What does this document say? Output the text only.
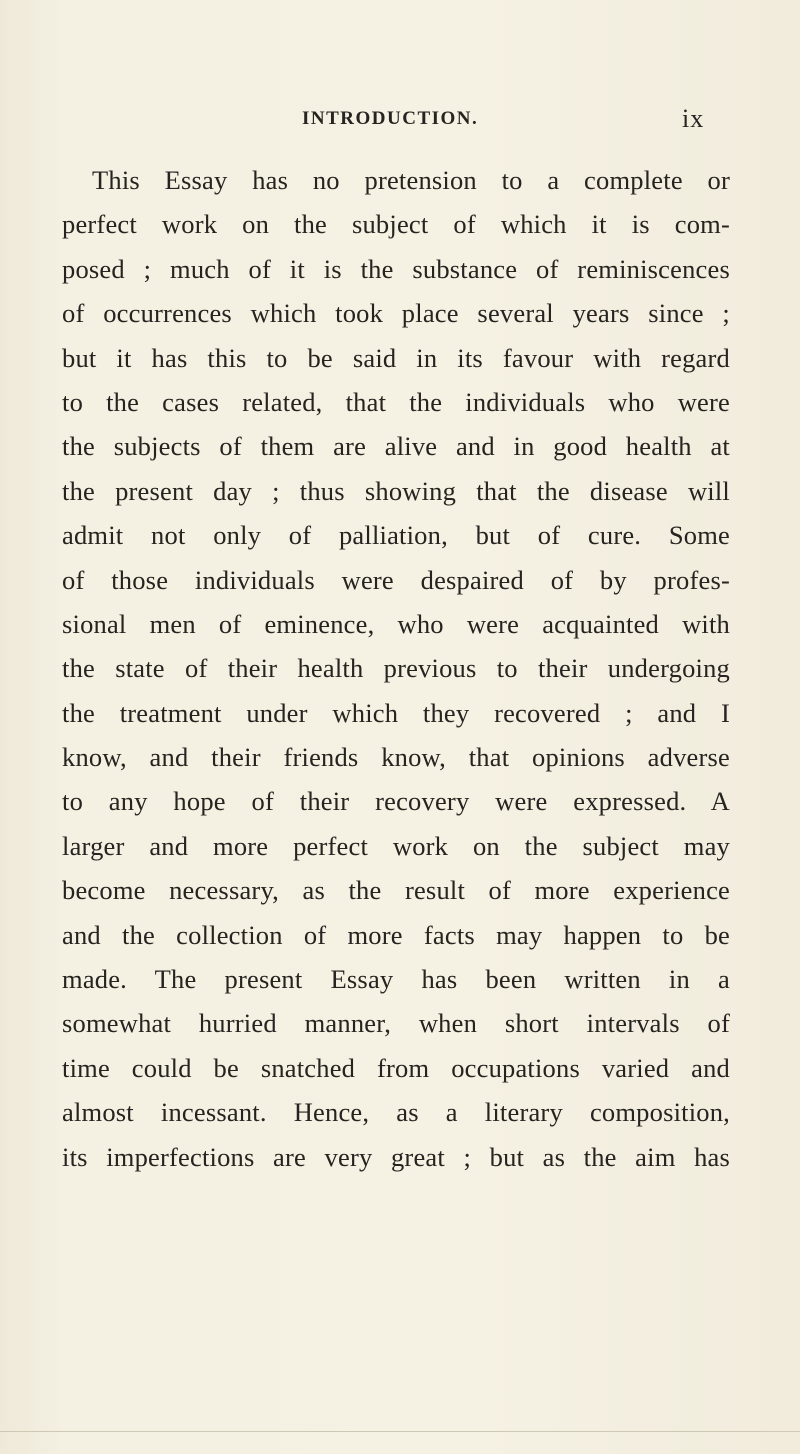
INTRODUCTION.	ix
This Essay has no pretension to a complete or
perfect work on the subject of which it is com-
posed ; much of it is the substance of reminiscences
of occurrences which took place several years since ;
but it has this to be said in its favour with regard
to the cases related, that the individuals who were
the subjects of them are alive and in good health at
the present day ; thus showing that the disease will
admit not only of palliation, but of cure. Some
of those individuals were despaired of by profes-
sional men of eminence, who were acquainted with
the state of their health previous to their undergoing
the treatment under which they recovered ; and I
know, and their friends know, that opinions adverse
to any hope of their recovery were expressed. A
larger and more perfect work on the subject may
become necessary, as the result of more experience
and the collection of more facts may happen to be
made. The present Essay has been written in a
somewhat hurried manner, when short intervals of
time could be snatched from occupations varied and
almost incessant. Hence, as a literary composition,
its imperfections are very great ; but as the aim has
